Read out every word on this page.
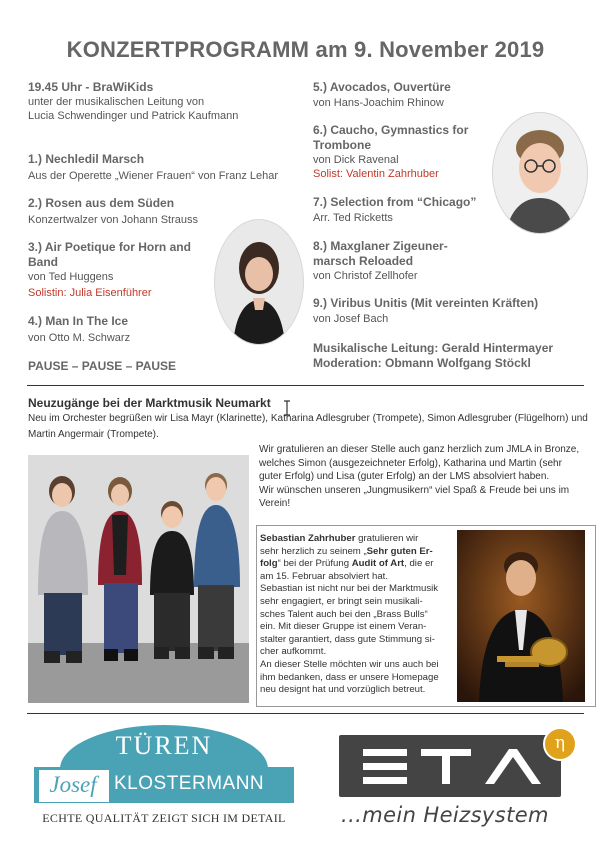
KONZERTPROGRAMM am 9. November 2019
19.45 Uhr - BraWiKids
unter der musikalischen Leitung von
Lucia Schwendinger und Patrick Kaufmann
1.) Nechledil Marsch
Aus der Operette „Wiener Frauen“ von Franz Lehar
2.) Rosen aus dem Süden
Konzertwalzer von Johann Strauss
3.) Air Poetique for Horn and
Band
von Ted Huggens
Solistin: Julia Eisenführer
4.) Man In The Ice
von Otto M. Schwarz
PAUSE – PAUSE – PAUSE
5.) Avocados, Ouvertüre
von Hans-Joachim Rhinow
6.) Caucho, Gymnastics for
Trombone
von Dick Ravenal
Solist: Valentin Zahrhuber
7.) Selection from “Chicago”
Arr. Ted Ricketts
8.) Maxglaner Zigeuner-
marsch Reloaded
von Christof Zellhofer
9.) Viribus Unitis (Mit vereinten Kräften)
von Josef Bach
Musikalische Leitung: Gerald Hintermayer
Moderation: Obmann Wolfgang Stöckl
Neuzugänge bei der Marktmusik Neumarkt
Neu im Orchester begrüßen wir Lisa Mayr (Klarinette), Katharina Adlesgruber (Trompete), Simon Adlesgruber (Flügelhorn) und
Martin Angermair (Trompete).
Wir gratulieren an dieser Stelle auch ganz herzlich zum JMLA in Bronze,
welches Simon (ausgezeichneter Erfolg), Katharina und Martin (sehr
guter Erfolg) und Lisa (guter Erfolg) an der LMS absolviert haben.
Wir wünschen unseren „Jungmusikern“ viel Spaß & Freude bei uns im
Verein!
Sebastian Zahrhuber gratulieren wir
sehr herzlich zu seinem „Sehr guten Er-
folg“ bei der Prüfung Audit of Art, die er
am 15. Februar absolviert hat.
Sebastian ist nicht nur bei der Marktmusik
sehr engagiert, er bringt sein musikali-
sches Talent auch bei den „Brass Bulls“
ein. Mit dieser Gruppe ist einem Veran-
stalter garantiert, dass gute Stimmung si-
cher aufkommt.
An dieser Stelle möchten wir uns auch bei
ihm bedanken, dass er unsere Homepage
neu designt hat und vorzüglich betreut.
TÜREN
Josef KLOSTERMANN
ECHTE QUALITÄT ZEIGT SICH IM DETAIL
η
...mein Heizsystem
